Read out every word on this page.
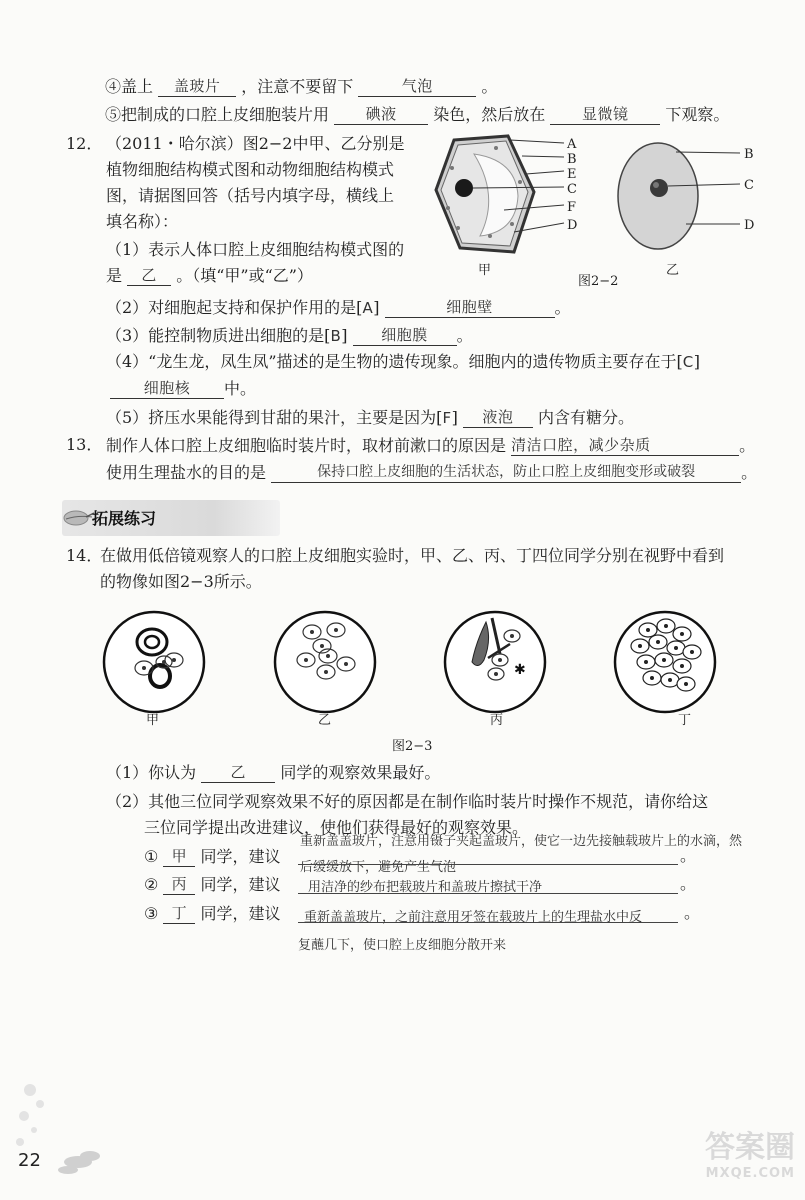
④盖上 盖玻片 ，注意不要留下	气泡	。
⑤把制成的口腔上皮细胞装片用 碘液 染色，然后放在 显微镜 下观察。
12． （2011・哈尔滨）图2−2中甲、乙分别是
植物细胞结构模式图和动物细胞结构模式
图，请据图回答（括号内填字母，横线上
填名称）：
（1）表示人体口腔上皮细胞结构模式图的
是 乙 。（填“甲”或“乙”）
A
B
E
C
F
D
甲
B
C
D
图2−2
乙
（2）对细胞起支持和保护作用的是[A]	细胞壁	。
（3）能控制物质进出细胞的是[B] 细胞膜 。
（4）“龙生龙，凤生凤”描述的是生物的遗传现象。细胞内的遗传物质主要存在于[C]
细胞核 中。
（5）挤压水果能得到甘甜的果汁，主要是因为[F] 液泡 内含有糖分。
13． 制作人体口腔上皮细胞临时装片时，取材前漱口的原因是 清洁口腔，减少杂质	。
使用生理盐水的目的是	保持口腔上皮细胞的生活状态，防止口腔上皮细胞变形或破裂	。
拓展练习
14．
在做用低倍镜观察人的口腔上皮细胞实验时，甲、乙、丙、丁四位同学分别在视野中看到
的物像如图2−3所示。
✱
甲	乙	丙	丁
图2−3
（1）你认为 乙 同学的观察效果最好。
（2）其他三位同学观察效果不好的原因都是在制作临时装片时操作不规范，请你给这
三位同学提出改进建议，使他们获得最好的观察效果。
重新盖盖玻片，注意用镊子夹起盖玻片，使它一边先接触载玻片上的水滴，然
① 甲 同学，建议
后缓缓放下，避免产生气泡
。
② 丙 同学，建议 用洁净的纱布把载玻片和盖玻片擦拭干净	。
③ 丁 同学，建议 重新盖盖玻片，之前注意用牙签在载玻片上的生理盐水中反	。
复蘸几下，使口腔上皮细胞分散开来
22	答案圈
MXQE.COM
